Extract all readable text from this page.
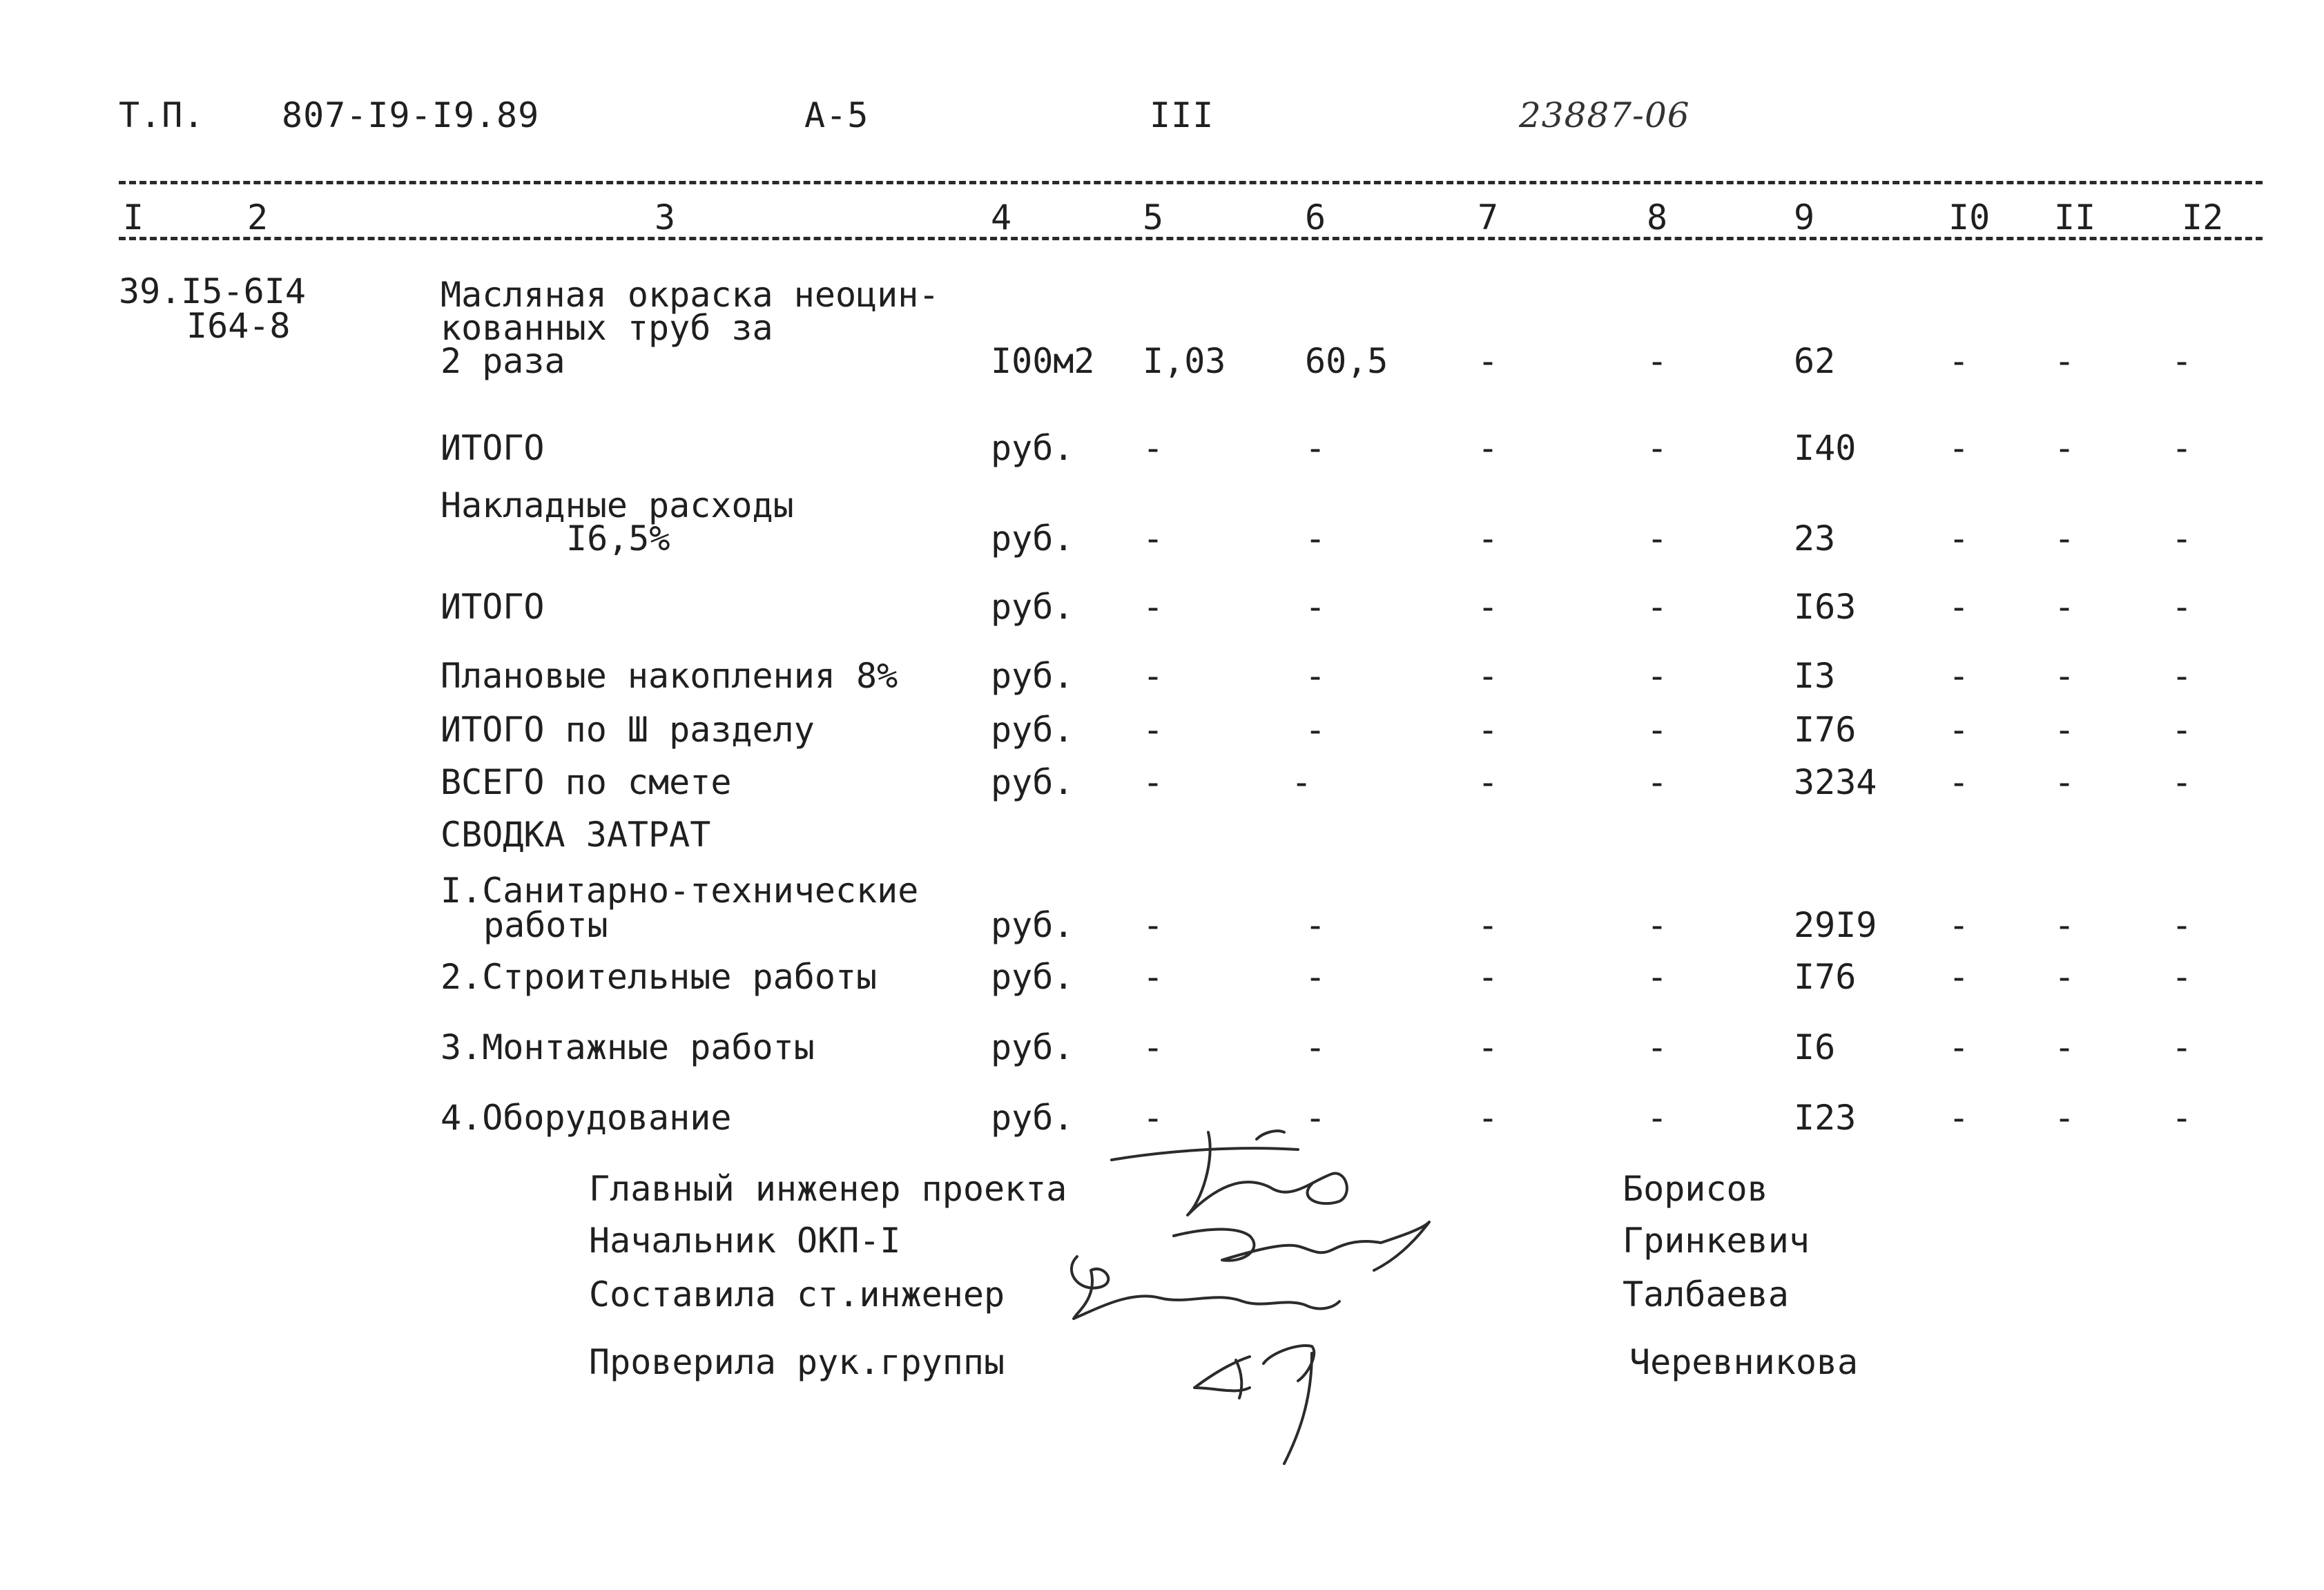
Т.П. 807-I9-I9.89	А-5	III	23887-06
I	2	3	4	5	6	7	8	9	I0 II I2
39.I5-6I4
I64-8
Масляная окраска неоцин-
кованных труб за
2 раза	I00м2 I,03 60,5	-	-	62	- -	-
ИТОГО	руб. -	-	-	-	I40	- -	-
Накладные расходы
I6,5%	руб. -	-	-	-	23	- -	-
ИТОГО	руб. -	-	-	-	I63	- -	-
Плановые накопления 8%	руб. -	-	-	-	I3	- -	-
ИТОГО по Ш разделу	руб. -	-	-	-	I76	- -	-
ВСЕГО по смете	руб. -	-	-	-	3234 - -	-
СВОДКА ЗАТРАТ
I.Санитарно-технические
работы	руб. -	-	-	-	29I9 - -	-
2.Строительные работы	руб. -	-	-	-	I76	- -	-
3.Монтажные работы	руб. -	-	-	-	I6	- -	-
4.Оборудование	руб. -	-	-	-	I23	- -	-
Главный инженер проекта	Борисов
Начальник ОКП-I	Гринкевич
Составила ст.инженер	Талбаева
Проверила рук.группы	Черевникова
